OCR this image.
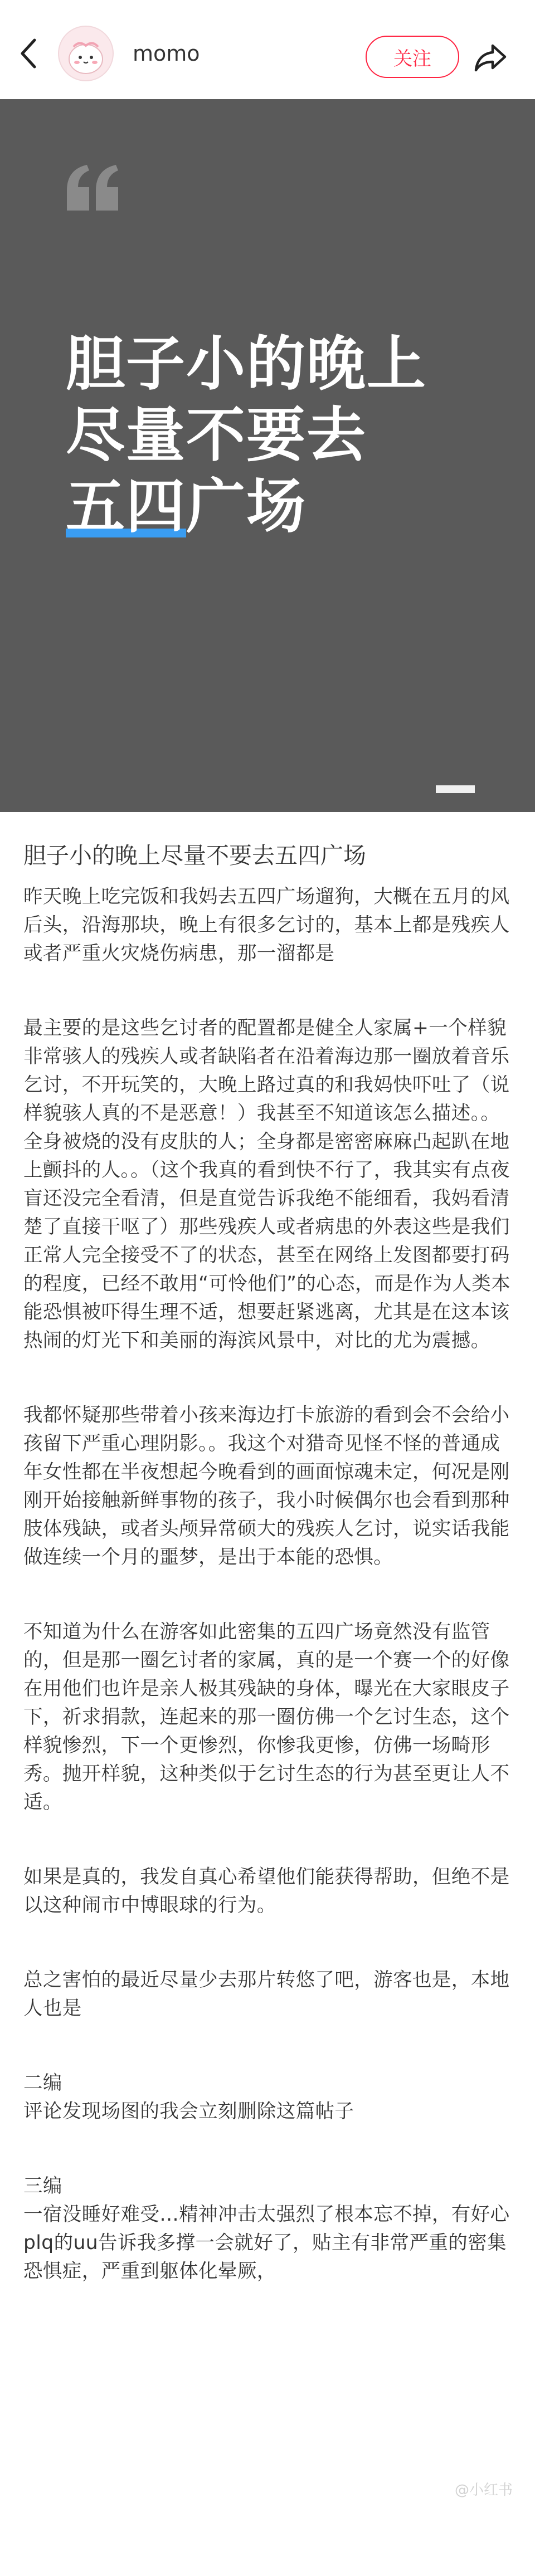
momo	关注
胆子小的晚上
尽量不要去
五四广场
胆子小的晚上尽量不要去五四广场

昨天晚上吃完饭和我妈去五四广场遛狗，大概在五月的风后头，沿海那块，晚上有很多乞讨的，基本上都是残疾人或者严重火灾烧伤病患，那一溜都是

最主要的是这些乞讨者的配置都是健全人家属+一个样貌非常骇人的残疾人或者缺陷者在沿着海边那一圈放着音乐乞讨，不开玩笑的，大晚上路过真的和我妈快吓吐了（说样貌骇人真的不是恶意！）我甚至不知道该怎么描述。。全身被烧的没有皮肤的人；全身都是密密麻麻凸起趴在地上颤抖的人。。（这个我真的看到快不行了，我其实有点夜盲还没完全看清，但是直觉告诉我绝不能细看，我妈看清楚了直接干呕了）那些残疾人或者病患的外表这些是我们正常人完全接受不了的状态，甚至在网络上发图都要打码的程度，已经不敢用“可怜他们”的心态，而是作为人类本能恐惧被吓得生理不适，想要赶紧逃离，尤其是在这本该热闹的灯光下和美丽的海滨风景中，对比的尤为震撼。

我都怀疑那些带着小孩来海边打卡旅游的看到会不会给小孩留下严重心理阴影。。我这个对猎奇见怪不怪的普通成年女性都在半夜想起今晚看到的画面惊魂未定，何况是刚刚开始接触新鲜事物的孩子，我小时候偶尔也会看到那种肢体残缺，或者头颅异常硕大的残疾人乞讨，说实话我能做连续一个月的噩梦，是出于本能的恐惧。

不知道为什么在游客如此密集的五四广场竟然没有监管的，但是那一圈乞讨者的家属，真的是一个赛一个的好像在用他们也许是亲人极其残缺的身体，曝光在大家眼皮子下，祈求捐款，连起来的那一圈仿佛一个乞讨生态，这个样貌惨烈，下一个更惨烈，你惨我更惨，仿佛一场畸形秀。抛开样貌，这种类似于乞讨生态的行为甚至更让人不适。

如果是真的，我发自真心希望他们能获得帮助，但绝不是以这种闹市中博眼球的行为。

总之害怕的最近尽量少去那片转悠了吧，游客也是，本地人也是

二编

评论发现场图的我会立刻删除这篇帖子

三编

一宿没睡好难受…精神冲击太强烈了根本忘不掉，有好心plq的uu告诉我多撑一会就好了，贴主有非常严重的密集恐惧症，严重到躯体化晕厥，

@小红书
